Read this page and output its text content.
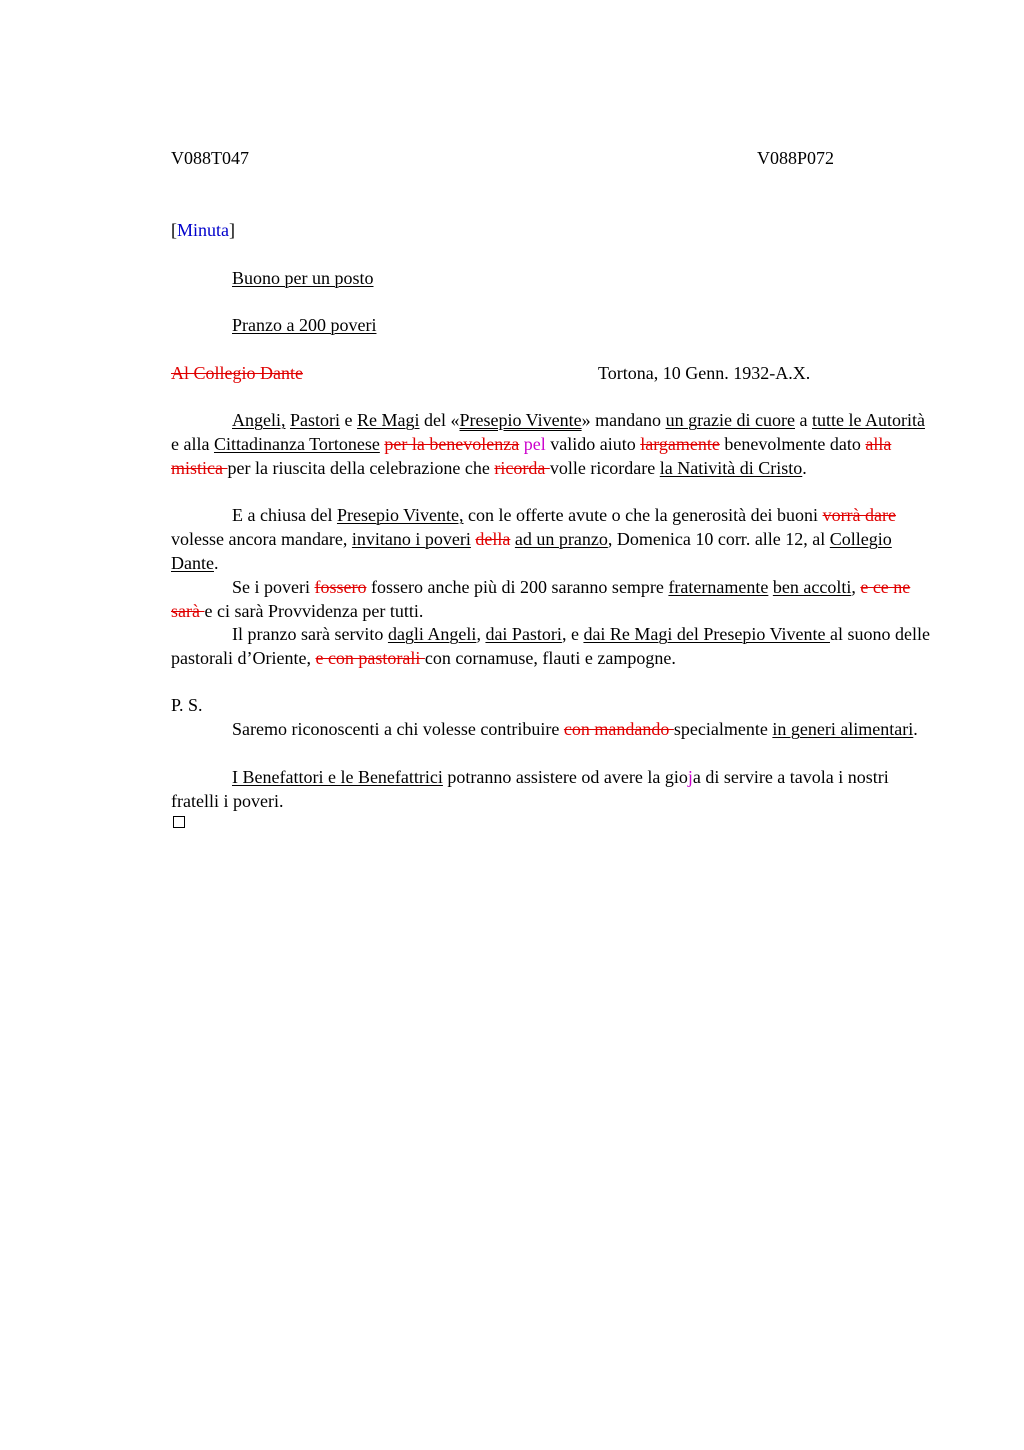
V088T047	V088P072
[Minuta]
Buono per un posto
Pranzo a 200 poveri
Al Collegio Dante	Tortona, 10 Genn. 1932-A.X.
Angeli, Pastori e Re Magi del «Presepio Vivente» mandano un grazie di cuore a tutte le Autorità e alla Cittadinanza Tortonese per la benevolenza pel valido aiuto largamente benevolmente dato alla mistica per la riuscita della celebrazione che ricorda volle ricordare la Natività di Cristo.
E a chiusa del Presepio Vivente, con le offerte avute o che la generosità dei buoni vorrà dare volesse ancora mandare, invitano i poveri della ad un pranzo, Domenica 10 corr. alle 12, al Collegio Dante.
Se i poveri fossero fossero anche più di 200 saranno sempre fraternamente ben accolti, e ce ne sarà e ci sarà Provvidenza per tutti.
Il pranzo sarà servito dagli Angeli, dai Pastori, e dai Re Magi del Presepio Vivente al suono delle pastorali d’Oriente, e con pastorali con cornamuse, flauti e zampogne.
P. S.
Saremo riconoscenti a chi volesse contribuire con mandando specialmente in generi alimentari.
I Benefattori e le Benefattrici potranno assistere od avere la gioja di servire a tavola i nostri fratelli i poveri.
